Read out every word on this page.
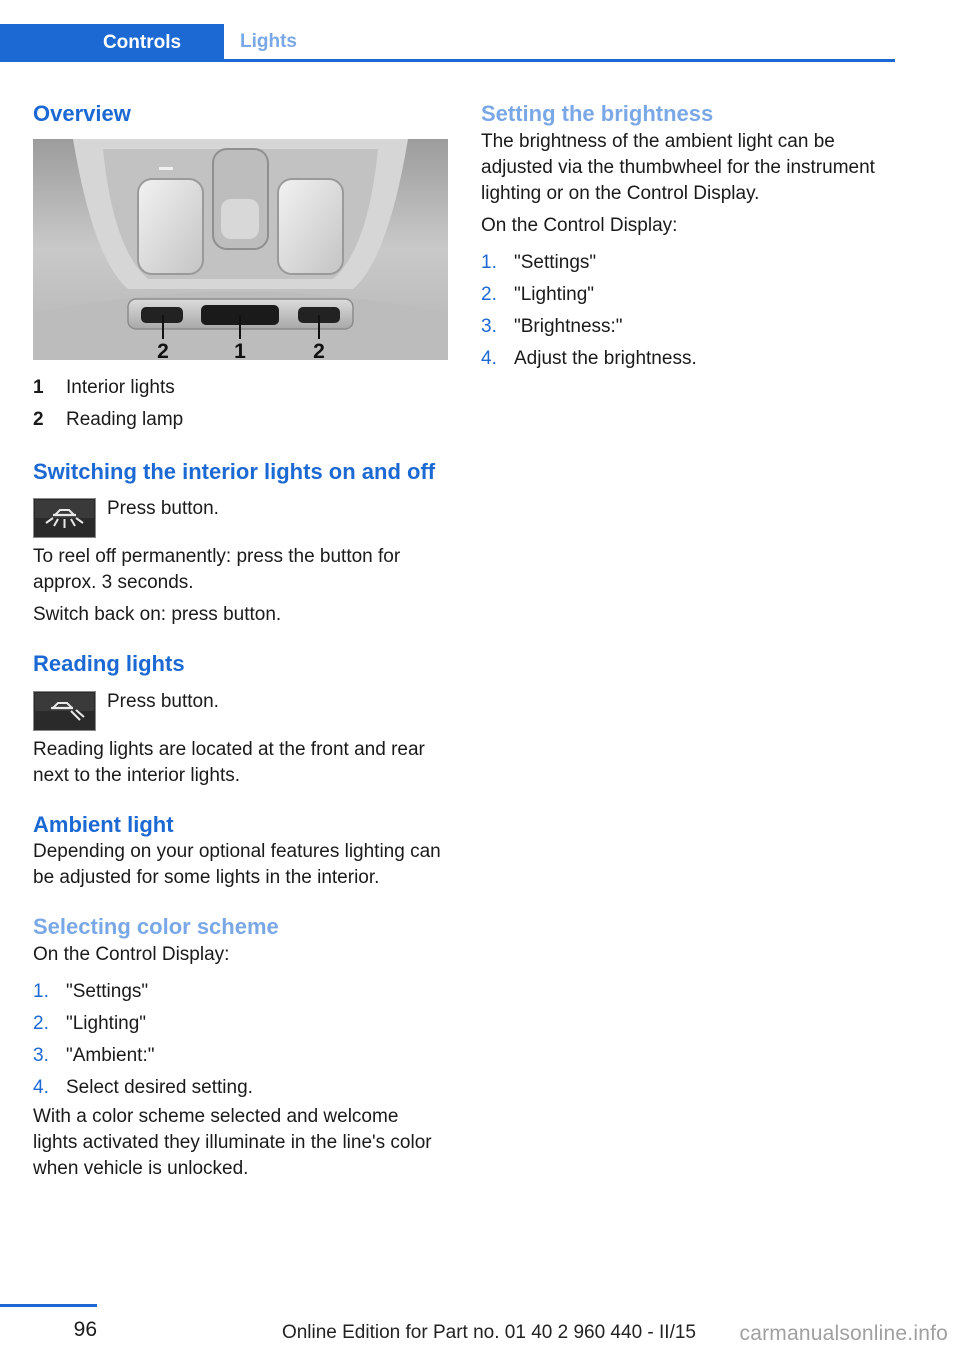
Controls	Lights
Overview
2	1	2
1	Interior lights
2	Reading lamp
Switching the interior lights on and off

Press button.

To reel off permanently: press the button for approx. 3 seconds.

Switch back on: press button.

Reading lights

Press button.

Reading lights are located at the front and rear next to the interior lights.

Ambient light

Depending on your optional features lighting can be adjusted for some lights in the interior.

Selecting color scheme

On the Control Display:

1. "Settings"
2. "Lighting"
3. "Ambient:"
4. Select desired setting.

With a color scheme selected and welcome lights activated they illuminate in the line's color when vehicle is unlocked.

Setting the brightness

The brightness of the ambient light can be adjusted via the thumbwheel for the instrument lighting or on the Control Display.

On the Control Display:

1. "Settings"
2. "Lighting"
3. "Brightness:"
4. Adjust the brightness.
96	Online Edition for Part no. 01 40 2 960 440 - II/15 carmanualsonline.info
